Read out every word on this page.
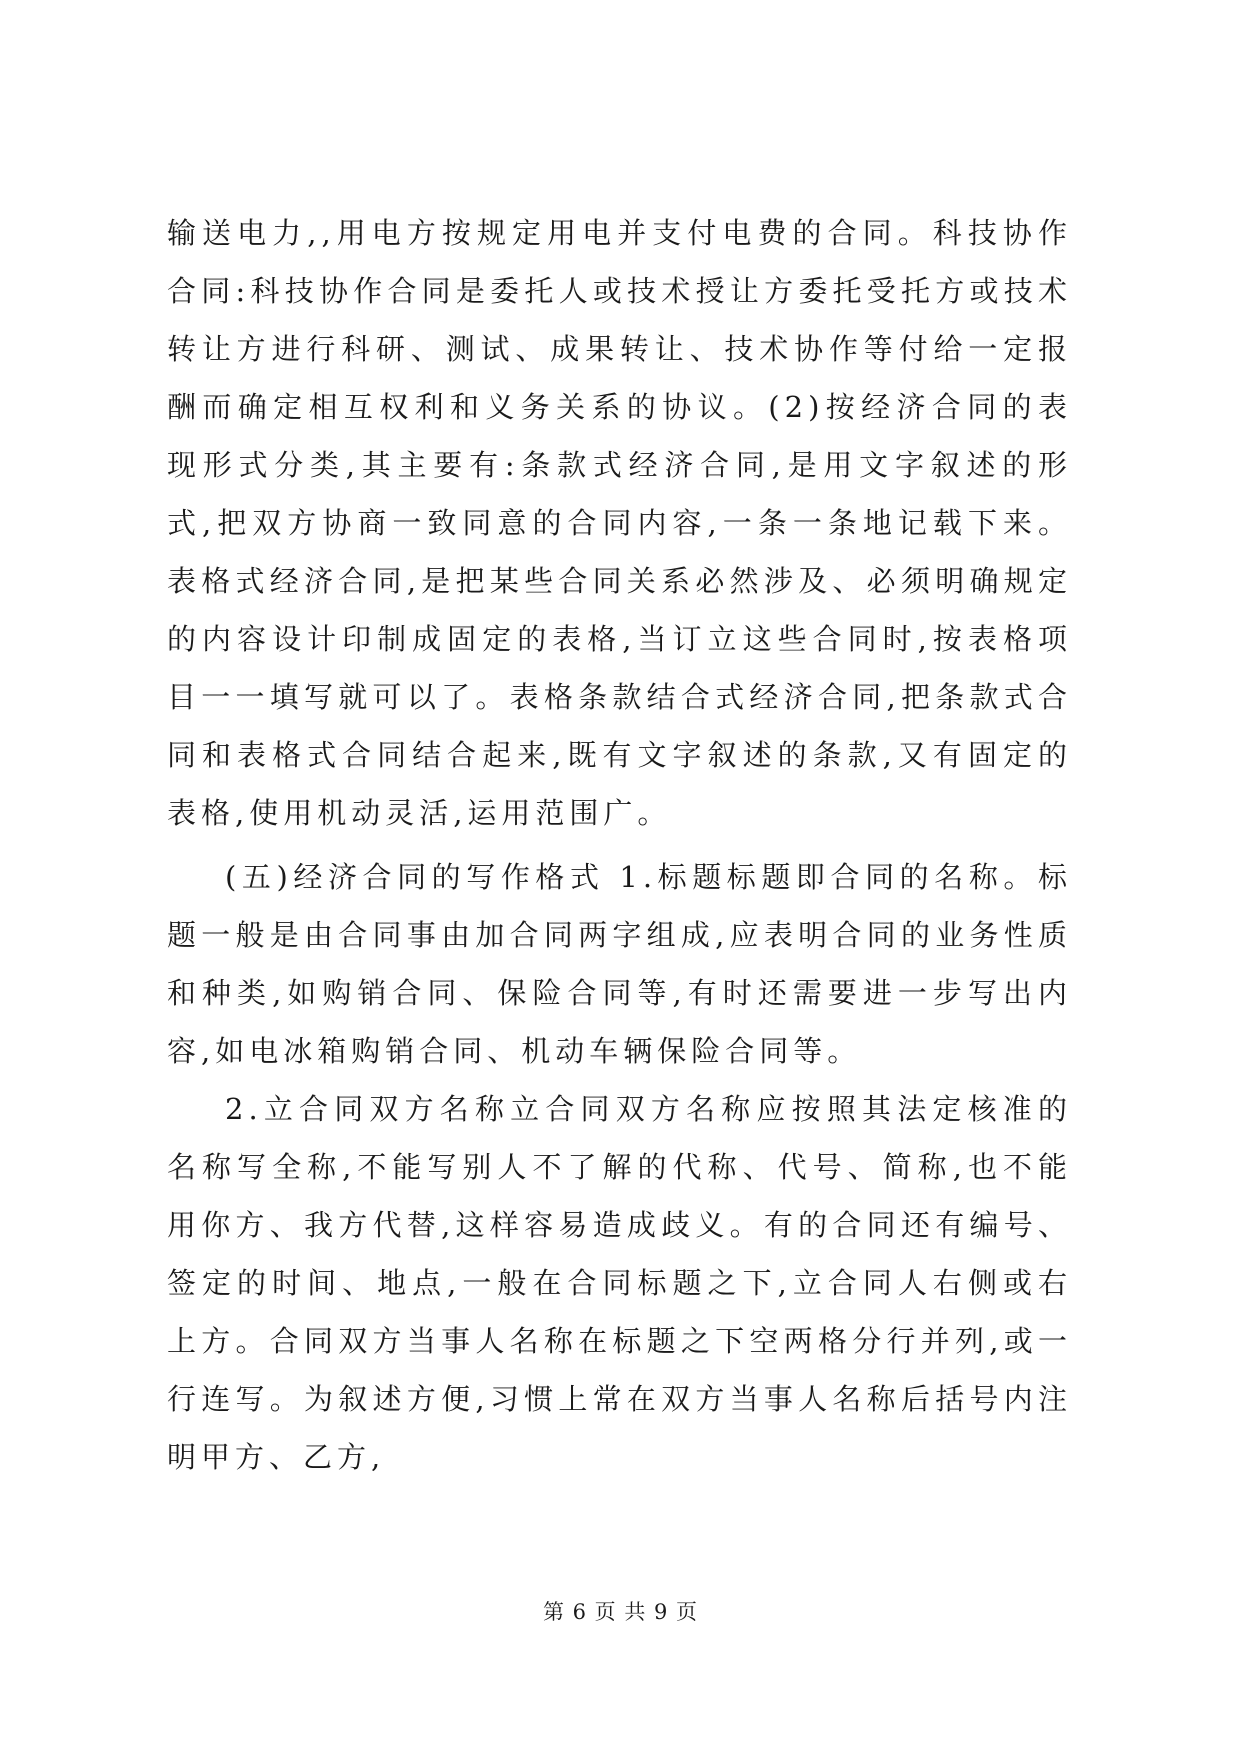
输送电力,,用电方按规定用电并支付电费的合同。科技协作合同:科技协作合同是委托人或技术授让方委托受托方或技术转让方进行科研、测试、成果转让、技术协作等付给一定报酬而确定相互权利和义务关系的协议。(2)按经济合同的表现形式分类,其主要有:条款式经济合同,是用文字叙述的形式,把双方协商一致同意的合同内容,一条一条地记载下来。表格式经济合同,是把某些合同关系必然涉及、必须明确规定的内容设计印制成固定的表格,当订立这些合同时,按表格项目一一填写就可以了。表格条款结合式经济合同,把条款式合同和表格式合同结合起来,既有文字叙述的条款,又有固定的表格,使用机动灵活,运用范围广。

(五)经济合同的写作格式 1.标题标题即合同的名称。标题一般是由合同事由加合同两字组成,应表明合同的业务性质和种类,如购销合同、保险合同等,有时还需要进一步写出内容,如电冰箱购销合同、机动车辆保险合同等。

2.立合同双方名称立合同双方名称应按照其法定核准的名称写全称,不能写别人不了解的代称、代号、简称,也不能用你方、我方代替,这样容易造成歧义。有的合同还有编号、签定的时间、地点,一般在合同标题之下,立合同人右侧或右上方。合同双方当事人名称在标题之下空两格分行并列,或一行连写。为叙述方便,习惯上常在双方当事人名称后括号内注明甲方、乙方,

第 6 页 共 9 页
